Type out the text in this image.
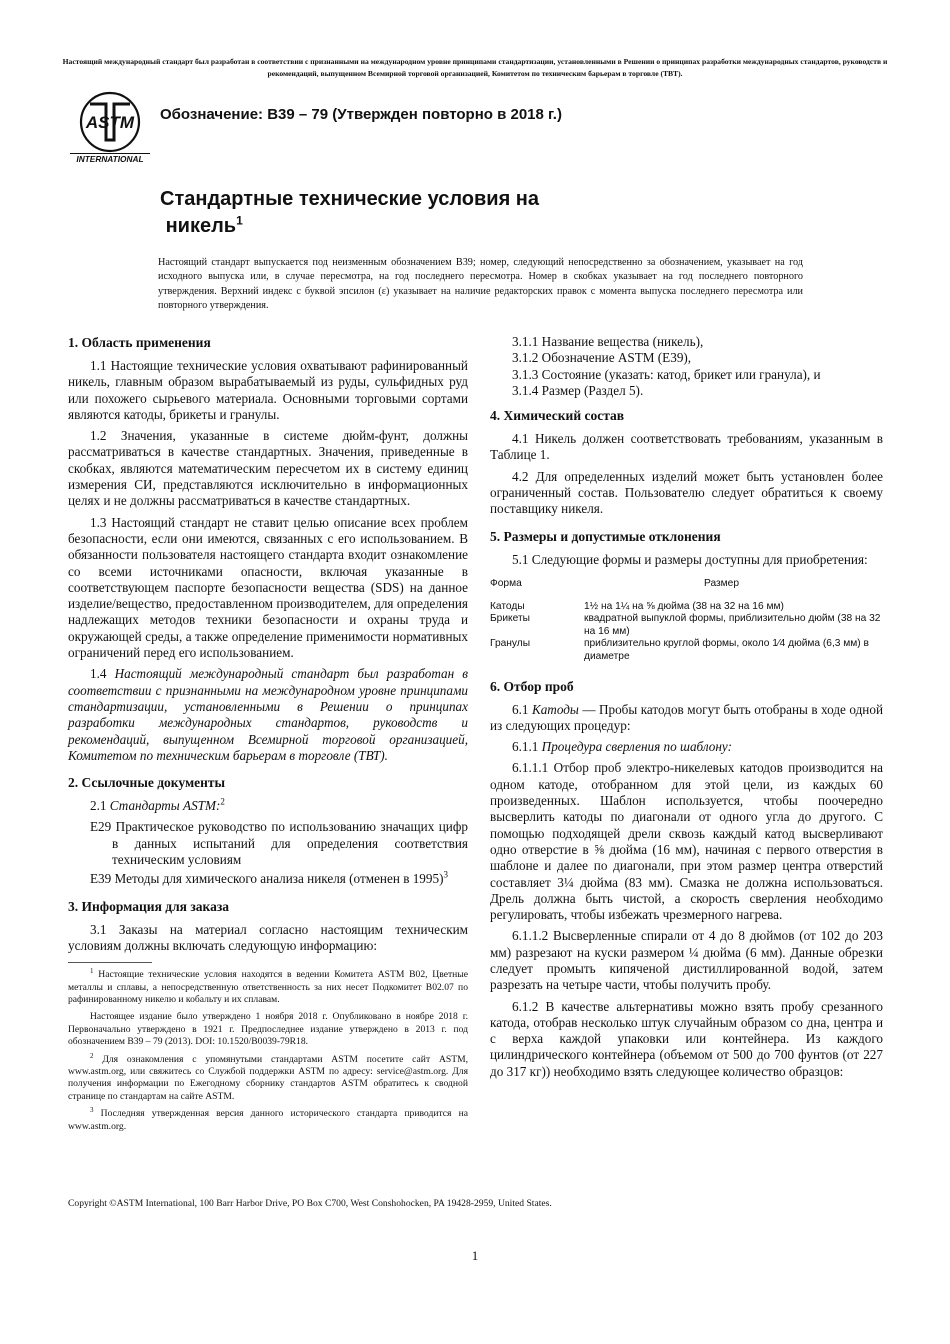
Настоящий международный стандарт был разработан в соответствии с признанными на международном уровне принципами стандартизации, установленными в Решении о принципах разработки международных стандартов, руководств и рекомендаций, выпущенном Всемирной торговой организацией, Комитетом по техническим барьерам в торговле (ТВТ).
ASTM
INTERNATIONAL
Обозначение: B39 – 79 (Утвержден повторно в 2018 г.)
Стандартные технические условия на
никель$^1$
Настоящий стандарт выпускается под неизменным обозначением B39; номер, следующий непосредственно за обозначением, указывает на год исходного выпуска или, в случае пересмотра, на год последнего пересмотра. Номер в скобках указывает на год последнего повторного утверждения. Верхний индекс с буквой эпсилон (ε) указывает на наличие редакторских правок с момента выпуска последнего пересмотра или повторного утверждения.
1. Область применения

1.1 Настоящие технические условия охватывают рафинированный никель, главным образом вырабатываемый из руды, сульфидных руд или похожего сырьевого материала. Основными торговыми сортами являются катоды, брикеты и гранулы.

1.2 Значения, указанные в системе дюйм-фунт, должны рассматриваться в качестве стандартных. Значения, приведенные в скобках, являются математическим пересчетом их в систему единиц измерения СИ, представляются исключительно в информационных целях и не должны рассматриваться в качестве стандартных.

1.3 Настоящий стандарт не ставит целью описание всех проблем безопасности, если они имеются, связанных с его использованием. В обязанности пользователя настоящего стандарта входит ознакомление со всеми источниками опасности, включая указанные в соответствующем паспорте безопасности вещества (SDS) на данное изделие/вещество, предоставленном производителем, для определения надлежащих методов техники безопасности и охраны труда и окружающей среды, а также определение применимости нормативных ограничений перед его использованием.

1.4 Настоящий международный стандарт был разработан в соответствии с признанными на международном уровне принципами стандартизации, установленными в Решении о принципах разработки международных стандартов, руководств и рекомендаций, выпущенном Всемирной торговой организацией, Комитетом по техническим барьерам в торговле (ТВТ).

2. Ссылочные документы

2.1 Стандарты ASTM:$^2$

E29 Практическое руководство по использованию значащих цифр в данных испытаний для определения соответствия техническим условиям
E39 Методы для химического анализа никеля (отменен в 1995)$^3$
3. Информация для заказа

3.1 Заказы на материал согласно настоящим техническим условиям должны включать следующую информацию:

$^1$ Настоящие технические условия находятся в ведении Комитета ASTM B02, Цветные металлы и сплавы, а непосредственную ответственность за них несет Подкомитет B02.07 по рафинированному никелю и кобальту и их сплавам.

Настоящее издание было утверждено 1 ноября 2018 г. Опубликовано в ноябре 2018 г. Первоначально утверждено в 1921 г. Предпоследнее издание утверждено в 2013 г. под обозначением B39 – 79 (2013). DOI: 10.1520/B0039-79R18.

$^2$ Для ознакомления с упомянутыми стандартами ASTM посетите сайт ASTM, www.astm.org, или свяжитесь со Службой поддержки ASTM по адресу: service@astm.org. Для получения информации по Ежегодному сборнику стандартов ASTM обратитесь к сводной странице по стандартам на сайте ASTM.

$^3$ Последняя утвержденная версия данного исторического стандарта приводится на www.astm.org.

3.1.1 Название вещества (никель),
3.1.2 Обозначение ASTM (E39),
3.1.3 Состояние (указать: катод, брикет или гранула), и
3.1.4 Размер (Раздел 5).
4. Химический состав

4.1 Никель должен соответствовать требованиям, указанным в Таблице 1.

4.2 Для определенных изделий может быть установлен более ограниченный состав. Пользователю следует обратиться к своему поставщику никеля.

5. Размеры и допустимые отклонения

5.1 Следующие формы и размеры доступны для приобретения:

Форма	Размер
Катоды	1½ на 1¼ на ⅝ дюйма (38 на 32 на 16 мм)
Брикеты	квадратной выпуклой формы, приблизительно дюйм (38 на 32 на 16 мм)
Гранулы	приблизительно круглой формы, около 1⁄4 дюйма (6,3 мм) в диаметре
6. Отбор проб

6.1 Катоды — Пробы катодов могут быть отобраны в ходе одной из следующих процедур:

6.1.1 Процедура сверления по шаблону:

6.1.1.1 Отбор проб электро-никелевых катодов производится на одном катоде, отобранном для этой цели, из каждых 60 произведенных. Шаблон используется, чтобы поочередно высверлить катоды по диагонали от одного угла до другого. С помощью подходящей дрели сквозь каждый катод высверливают одно отверстие в ⅝ дюйма (16 мм), начиная с первого отверстия в шаблоне и далее по диагонали, при этом размер центра отверстий составляет 3¼ дюйма (83 мм). Смазка не должна использоваться. Дрель должна быть чистой, а скорость сверления необходимо регулировать, чтобы избежать чрезмерного нагрева.

6.1.1.2 Высверленные спирали от 4 до 8 дюймов (от 102 до 203 мм) разрезают на куски размером ¼ дюйма (6 мм). Данные обрезки следует промыть кипяченой дистиллированной водой, затем разрезать на четыре части, чтобы получить пробу.

6.1.2 В качестве альтернативы можно взять пробу срезанного катода, отобрав несколько штук случайным образом со дна, центра и с верха каждой упаковки или контейнера. Из каждого цилиндрического контейнера (объемом от 500 до 700 фунтов (от 227 до 317 кг)) необходимо взять следующее количество образцов:

Copyright ©ASTM International, 100 Barr Harbor Drive, PO Box C700, West Conshohocken, PA 19428-2959, United States.
1
